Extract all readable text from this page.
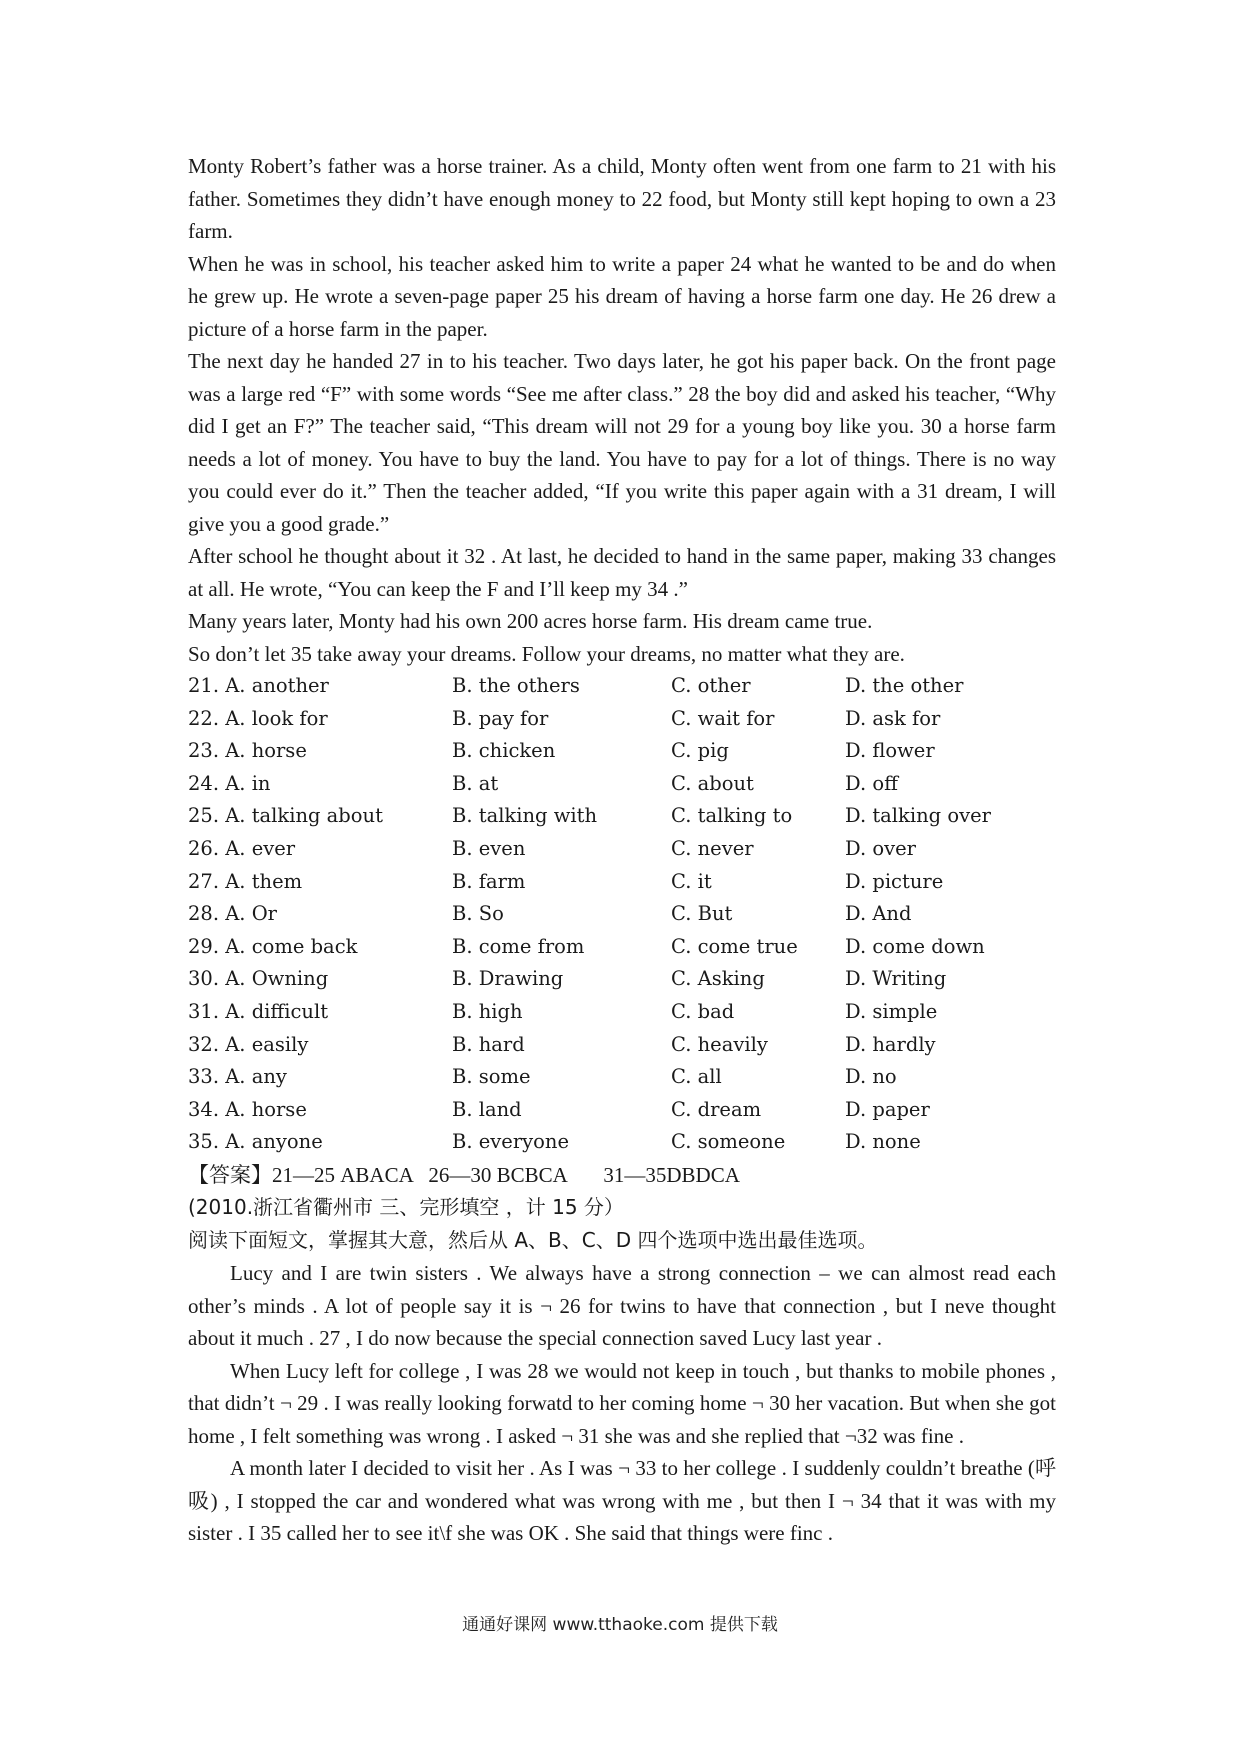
Monty Robert’s father was a horse trainer. As a child, Monty often went from one farm to 21 with his father. Sometimes they didn’t have enough money to 22 food, but Monty still kept hoping to own a 23 farm.

When he was in school, his teacher asked him to write a paper 24 what he wanted to be and do when he grew up. He wrote a seven-page paper 25 his dream of having a horse farm one day. He 26 drew a picture of a horse farm in the paper.

The next day he handed 27 in to his teacher. Two days later, he got his paper back. On the front page was a large red “F” with some words “See me after class.” 28 the boy did and asked his teacher, “Why did I get an F?” The teacher said, “This dream will not 29 for a young boy like you. 30 a horse farm needs a lot of money. You have to buy the land. You have to pay for a lot of things. There is no way you could ever do it.” Then the teacher added, “If you write this paper again with a 31 dream, I will give you a good grade.”

After school he thought about it 32 . At last, he decided to hand in the same paper, making 33 changes at all. He wrote, “You can keep the F and I’ll keep my 34 .”

Many years later, Monty had his own 200 acres horse farm. His dream came true.

So don’t let 35 take away your dreams. Follow your dreams, no matter what they are.

21. A. another	B. the others	C. other	D. the other
22. A. look for	B. pay for	C. wait for	D. ask for
23. A. horse	B. chicken	C. pig	D. flower
24. A. in	B. at	C. about	D. off
25. A. talking about	B. talking with	C. talking to	D. talking over
26. A. ever	B. even	C. never	D. over
27. A. them	B. farm	C. it	D. picture
28. A. Or	B. So	C. But	D. And
29. A. come back	B. come from	C. come true D. come down
30. A. Owning	B. Drawing	C. Asking	D. Writing
31. A. difficult	B. high	C. bad	D. simple
32. A. easily	B. hard	C. heavily	D. hardly
33. A. any	B. some	C. all	D. no
34. A. horse	B. land	C. dream	D. paper
35. A. anyone	B. everyone	C. someone	D. none
【答案】21—25 ABACA   26—30 BCBCA       31—35DBDCA
(2010.浙江省衢州市 三、完形填空 ，计 15 分）
阅读下面短文，掌握其大意，然后从 A、B、C、D 四个选项中选出最佳选项。

Lucy and I are twin sisters . We always have a strong connection – we can almost read each other’s minds . A lot of people say it is ¬ 26 for twins to have that connection , but I neve thought about it much . 27 , I do now because the special connection saved Lucy last year .

When Lucy left for college , I was 28 we would not keep in touch , but thanks to mobile phones , that didn’t ¬ 29 . I was really looking forwatd to her coming home ¬ 30 her vacation. But when she got home , I felt something was wrong . I asked ¬ 31 she was and she replied that ¬32 was fine .

A month later I decided to visit her . As I was ¬ 33 to her college . I suddenly couldn’t breathe (呼吸) , I stopped the car and wondered what was wrong with me , but then I ¬ 34 that it was with my sister . I 35 called her to see it\f she was OK . She said that things were finc .

通通好课网 www.tthaoke.com 提供下载
